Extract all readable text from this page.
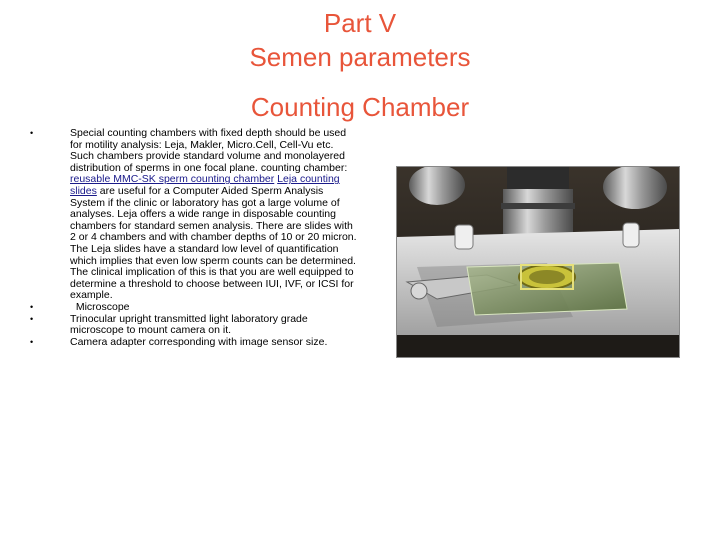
Part V
Semen parameters
Counting Chamber
•	Special counting chambers with fixed depth should be used for motility analysis: Leja, Makler, Micro.Cell, Cell-Vu etc. Such chambers provide standard volume and monolayered distribution of sperms in one focal plane. counting chamber: reusable MMC-SK sperm counting chamber Leja counting slides are useful for a Computer Aided Sperm Analysis System if the clinic or laboratory has got a large volume of analyses. Leja offers a wide range in disposable counting chambers for standard semen analysis. There are slides with 2 or 4 chambers and with chamber depths of 10 or 20 micron. The Leja slides have a standard low level of quantification which implies that even low sperm counts can be determined. The clinical implication of this is that you are well equipped to determine a threshold to choose between IUI, IVF, or ICSI for example.
•	Microscope
•	Trinocular upright transmitted light laboratory grade microscope to mount camera on it.
•	Camera adapter corresponding with image sensor size.
